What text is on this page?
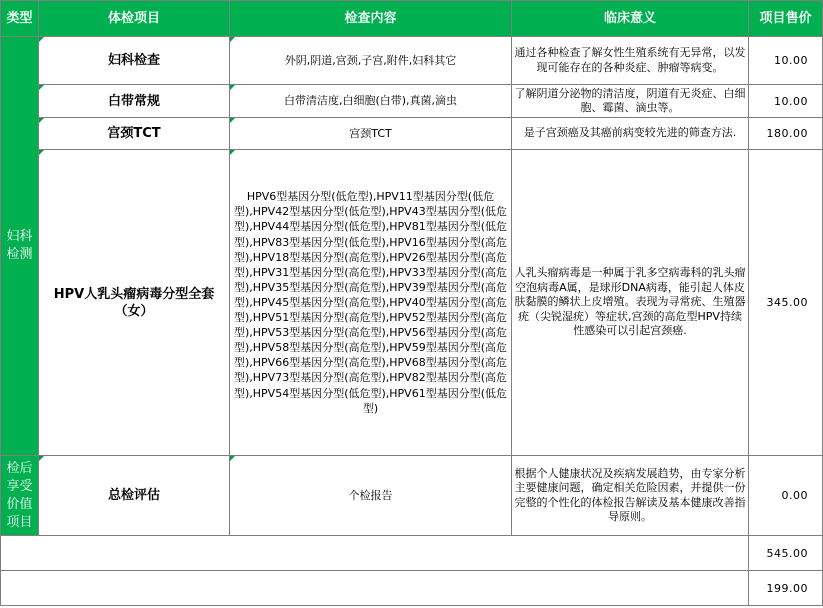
类型	体检项目	检查内容	临床意义	项目售价
妇科检测	妇科检查	外阴,阴道,宫颈,子宫,附件,妇科其它	通过各种检查了解女性生殖系统有无异常，以发现可能存在的各种炎症、肿瘤等病变。	10.00
	白带常规	白带清洁度,白细胞(白带),真菌,滴虫	了解阴道分泌物的清洁度，阴道有无炎症、白细胞、霉菌、滴虫等。	10.00
	宫颈TCT	宫颈TCT	是子宫颈癌及其癌前病变较先进的筛查方法.	180.00
	HPV人乳头瘤病毒分型全套（女）	HPV6型基因分型(低危型),HPV11型基因分型(低危型),HPV42型基因分型(低危型),HPV43型基因分型(低危型),HPV44型基因分型(低危型),HPV81型基因分型(低危型),HPV83型基因分型(低危型),HPV16型基因分型(高危型),HPV18型基因分型(高危型),HPV26型基因分型(高危型),HPV31型基因分型(高危型),HPV33型基因分型(高危型),HPV35型基因分型(高危型),HPV39型基因分型(高危型),HPV45型基因分型(高危型),HPV40型基因分型(高危型),HPV51型基因分型(高危型),HPV52型基因分型(高危型),HPV53型基因分型(高危型),HPV56型基因分型(高危型),HPV58型基因分型(高危型),HPV59型基因分型(高危型),HPV66型基因分型(高危型),HPV68型基因分型(高危型),HPV73型基因分型(高危型),HPV82型基因分型(高危型),HPV54型基因分型(低危型),HPV61型基因分型(低危型)	人乳头瘤病毒是一种属于乳多空病毒科的乳头瘤空泡病毒A属，是球形DNA病毒，能引起人体皮肤黏膜的鳞状上皮增殖。表现为寻常疣、生殖器疣（尖锐湿疣）等症状,宫颈的高危型HPV持续性感染可以引起宫颈癌.	345.00
检后享受价值项目	总检评估	个检报告	根据个人健康状况及疾病发展趋势，由专家分析主要健康问题，确定相关危险因素，并提供一份完整的个性化的体检报告解读及基本健康改善指导原则。	0.00
				545.00
				199.00
